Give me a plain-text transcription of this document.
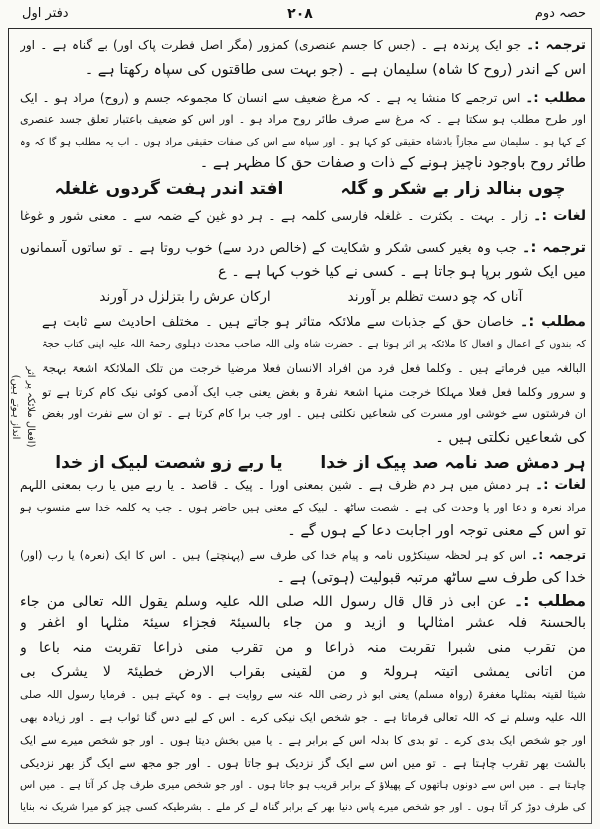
حصہ دوم
۲۰۸
دفتر اول
ترجمہ :۔ جو ایک پرندہ ہے ۔ (جس کا جسم عنصری) کمزور (مگر اصل فطرت پاک اور) بے گناہ ہے ۔ اور
اس کے اندر (روح کا شاہ) سلیمان ہے ۔ (جو بہت سی طاقتوں کی سپاہ رکھتا ہے ۔
مطلب :۔ اس ترجمے کا منشا یہ ہے ۔ کہ مرغ ضعیف سے انسان کا مجموعہ جسم و (روح) مراد ہو ۔ ایک
اور طرح مطلب ہو سکتا ہے ۔ کہ مرغ سے صرف طائر روح مراد ہو ۔ اور اس کو ضعیف باعتبار تعلق جسد عنصری
کے کہا ہو ۔ سلیمان سے مجازاً بادشاہ حقیقی کو کہا ہو ۔ اور سپاہ سے اس کی صفات حقیقی مراد ہوں ۔ اب یہ مطلب ہو گا کہ وہ
طائر روح باوجود ناچیز ہونے کے ذات و صفات حق کا مظہر ہے ۔
چوں بنالد زار بے شکر و گلہ
افتد اندر ہفت گردوں غلغلہ
لغات :۔ زار ۔ بہت ۔ بکثرت ۔ غلغلہ فارسی کلمہ ہے ۔ ہر دو غین کے ضمہ سے ۔ معنی شور و غوغا
ترجمہ :۔ جب وہ بغیر کسی شکر و شکایت کے (خالص درد سے) خوب روتا ہے ۔ تو ساتوں آسمانوں
میں ایک شور برپا ہو جاتا ہے ۔ کسی نے کیا خوب کہا ہے ۔ ع
آناں کہ چو دست تظلم بر آورند
ارکان عرش را بتزلزل در آورند
مطلب :۔ خاصان حق کے جذبات سے ملائکہ متاثر ہو جاتے ہیں ۔ مختلف احادیث سے ثابت ہے
کہ بندوں کے اعمال و افعال کا ملائکہ پر اثر ہوتا ہے ۔ حضرت شاہ ولی اللہ صاحب محدث دہلوی رحمۃ اللہ علیہ اپنی کتاب حجۃ
البالغہ میں فرماتے ہیں ۔ وکلما فعل فرد من افراد الانسان فعلا مرضیا خرجت من تلک الملائکۃ اشعۃ بہجۃ
و سرور وکلما فعل فعلا مہلکا خرجت منہا اشعۃ نفرۃ و بغض یعنی جب ایک آدمی کوئی نیک کام کرتا ہے تو
ان فرشتوں سے خوشی اور مسرت کی شعاعیں نکلتی ہیں ۔ اور جب برا کام کرتا ہے ۔ تو ان سے نفرت اور بغض
کی شعاعیں نکلتی ہیں ۔
ہر دمش صد نامہ صد پیک از خدا
یا ربے زو شصت لبیک از خدا
لغات :۔ ہر دمش میں ہر دم ظرف ہے ۔ شین بمعنی اورا ۔ پیک ۔ قاصد ۔ یا ربے میں یا رب بمعنی اللہم
مراد نعرہ و دعا اور یا وحدت کی ہے ۔ شصت ساٹھ ۔ لبیک کے معنی ہیں حاضر ہوں ۔ جب یہ کلمہ خدا سے منسوب ہو
تو اس کے معنی توجہ اور اجابت دعا کے ہوں گے ۔
ترجمہ :۔ اس کو ہر لحظہ سینکڑوں نامہ و پیام خدا کی طرف سے (پہنچتے) ہیں ۔ اس کا ایک (نعرہ) یا رب (اور)
خدا کی طرف سے ساٹھ مرتبہ قبولیت (ہوتی) ہے ۔
مطلب :۔ عن ابی ذر قال قال رسول اللہ صلی اللہ علیہ وسلم یقول اللہ تعالی من جاء
بالحسنۃ فلہ عشر امثالہا و ازید و من جاء بالسیئۃ فجزاء سیئۃ مثلہا او اغفر و
من تقرب منی شبرا تقربت منہ ذراعا و من تقرب منی ذراعا تقربت منہ باعا و
من اتانی یمشی اتیتہ ہرولۃ و من لقینی بقراب الارض خطیئۃ لا یشرک بی
شیئا لقیتہ بمثلہا مغفرۃ (رواہ مسلم) یعنی ابو ذر رضی اللہ عنہ سے روایت ہے ۔ وہ کہتے ہیں ۔ فرمایا رسول اللہ صلی
اللہ علیہ وسلم نے کہ اللہ تعالی فرماتا ہے ۔ جو شخص ایک نیکی کرے ۔ اس کے لیے دس گنا ثواب ہے ۔ اور زیادہ بھی
اور جو شخص ایک بدی کرے ۔ تو بدی کا بدلہ اس کے برابر ہے ۔ یا میں بخش دیتا ہوں ۔ اور جو شخص میرے سے ایک
بالشت بھر تقرب چاہتا ہے ۔ تو میں اس سے ایک گز نزدیک ہو جاتا ہوں ۔ اور جو مجھ سے ایک گز بھر نزدیکی
چاہتا ہے ۔ میں اس سے دونوں ہاتھوں کے پھیلاؤ کے برابر قریب ہو جاتا ہوں ۔ اور جو شخص میری طرف چل کر آتا ہے ۔ میں اس
کی طرف دوڑ کر آتا ہوں ۔ اور جو شخص میرے پاس دنیا بھر کے برابر گناہ لے کر ملے ۔ بشرطیکہ کسی چیز کو میرا شریک نہ بنایا
(افعال ملائکہ پر اثر
انداز ہوتے ہیں)
